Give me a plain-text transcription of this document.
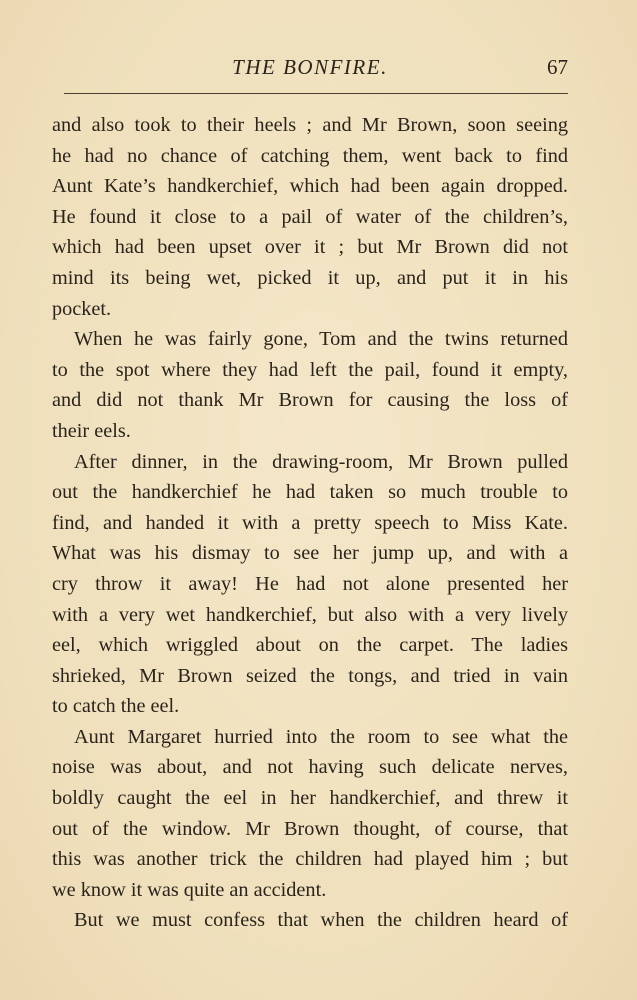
THE BONFIRE.	67
and also took to their heels ; and Mr Brown, soon seeing
he had no chance of catching them, went back to find
Aunt Kate’s handkerchief, which had been again dropped.
He found it close to a pail of water of the children’s,
which had been upset over it ; but Mr Brown did not
mind its being wet, picked it up, and put it in his
pocket.
When he was fairly gone, Tom and the twins returned
to the spot where they had left the pail, found it empty,
and did not thank Mr Brown for causing the loss of
their eels.
After dinner, in the drawing-room, Mr Brown pulled
out the handkerchief he had taken so much trouble to
find, and handed it with a pretty speech to Miss Kate.
What was his dismay to see her jump up, and with a
cry throw it away! He had not alone presented her
with a very wet handkerchief, but also with a very lively
eel, which wriggled about on the carpet. The ladies
shrieked, Mr Brown seized the tongs, and tried in vain
to catch the eel.
Aunt Margaret hurried into the room to see what the
noise was about, and not having such delicate nerves,
boldly caught the eel in her handkerchief, and threw it
out of the window. Mr Brown thought, of course, that
this was another trick the children had played him ; but
we know it was quite an accident.
But we must confess that when the children heard of
